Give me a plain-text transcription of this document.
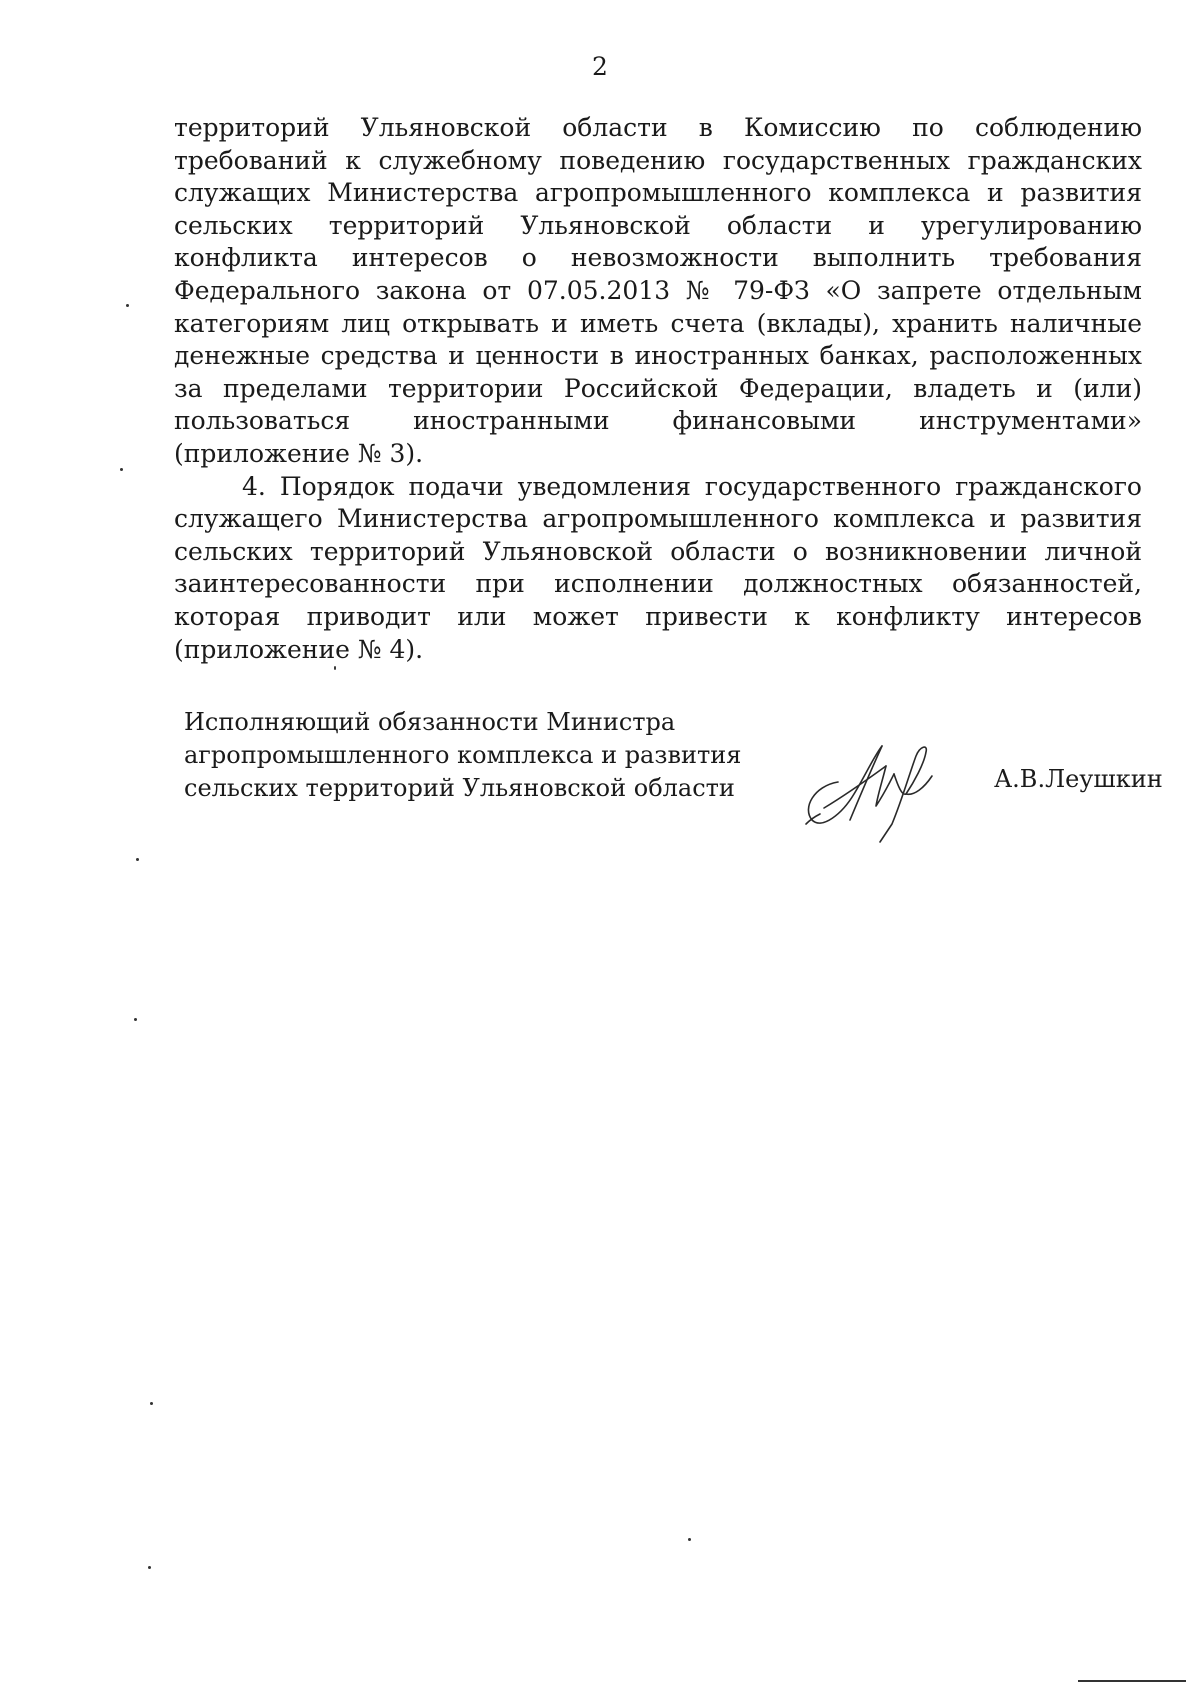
2

территорий Ульяновской области в Комиссию по соблюдению требований к служебному поведению государственных гражданских служащих Министерства агропромышленного комплекса и развития сельских территорий Ульяновской области и урегулированию конфликта интересов о невозможности выполнить требования Федерального закона от 07.05.2013 № 79-ФЗ «О запрете отдельным категориям лиц открывать и иметь счета (вклады), хранить наличные денежные средства и ценности в иностранных банках, расположенных за пределами территории Российской Федерации, владеть и (или) пользоваться иностранными финансовыми инструментами» (приложение № 3).

4. Порядок подачи уведомления государственного гражданского служащего Министерства агропромышленного комплекса и развития сельских территорий Ульяновской области о возникновении личной заинтересованности при исполнении должностных обязанностей, которая приводит или может привести к конфликту интересов (приложение № 4).

Исполняющий обязанности Министра
агропромышленного комплекса и развития
сельских территорий Ульяновской области	А.В.Леушкин
